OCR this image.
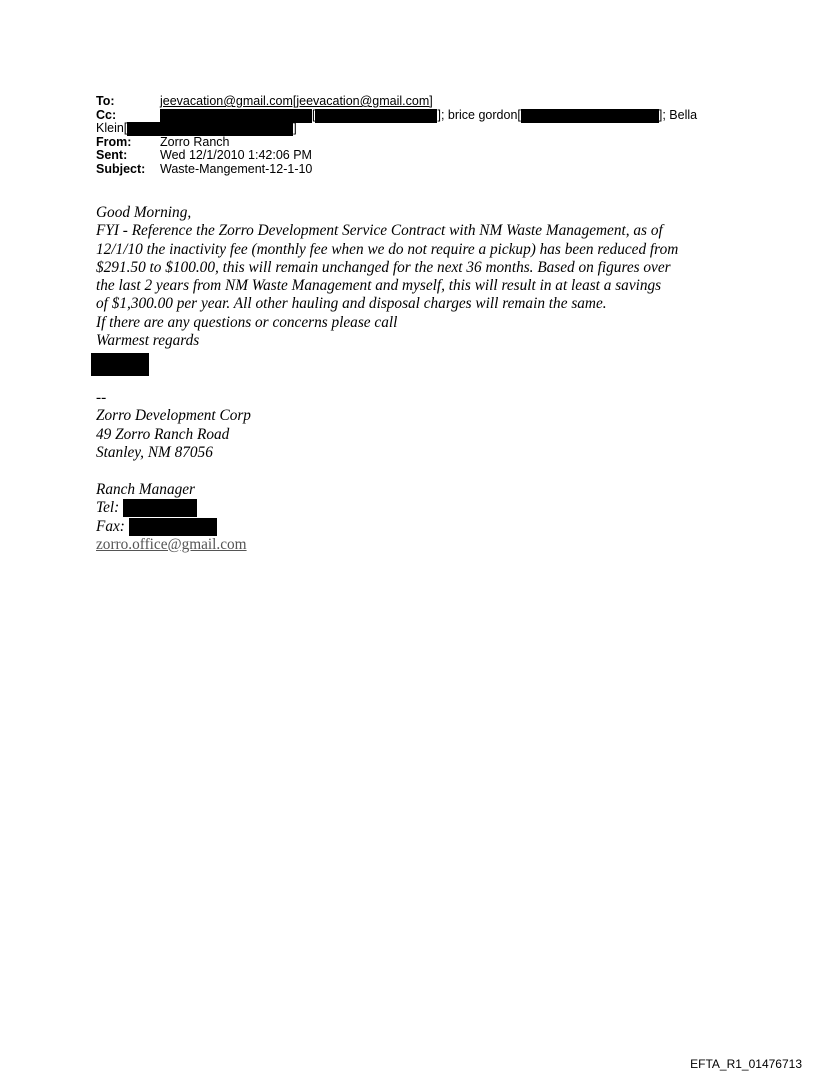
To:	jeevacation@gmail.com[jeevacation@gmail.com]
Cc:	[	]; brice gordon[	]; Bella
Klein[	]
From: Zorro Ranch
Sent:	Wed 12/1/2010 1:42:06 PM
Subject: Waste-Mangement-12-1-10

Good Morning,

FYI - Reference the Zorro Development Service Contract with NM Waste Management, as of

12/1/10 the inactivity fee (monthly fee when we do not require a pickup) has been reduced from

$291.50 to $100.00, this will remain unchanged for the next 36 months. Based on figures over

the last 2 years from NM Waste Management and myself, this will result in at least a savings

of $1,300.00 per year. All other hauling and disposal charges will remain the same.

If there are any questions or concerns please call

Warmest regards

--

Zorro Development Corp

49 Zorro Ranch Road

Stanley, NM 87056

Ranch Manager

Tel:

Fax:

zorro.office@gmail.com

EFTA_R1_01476713
